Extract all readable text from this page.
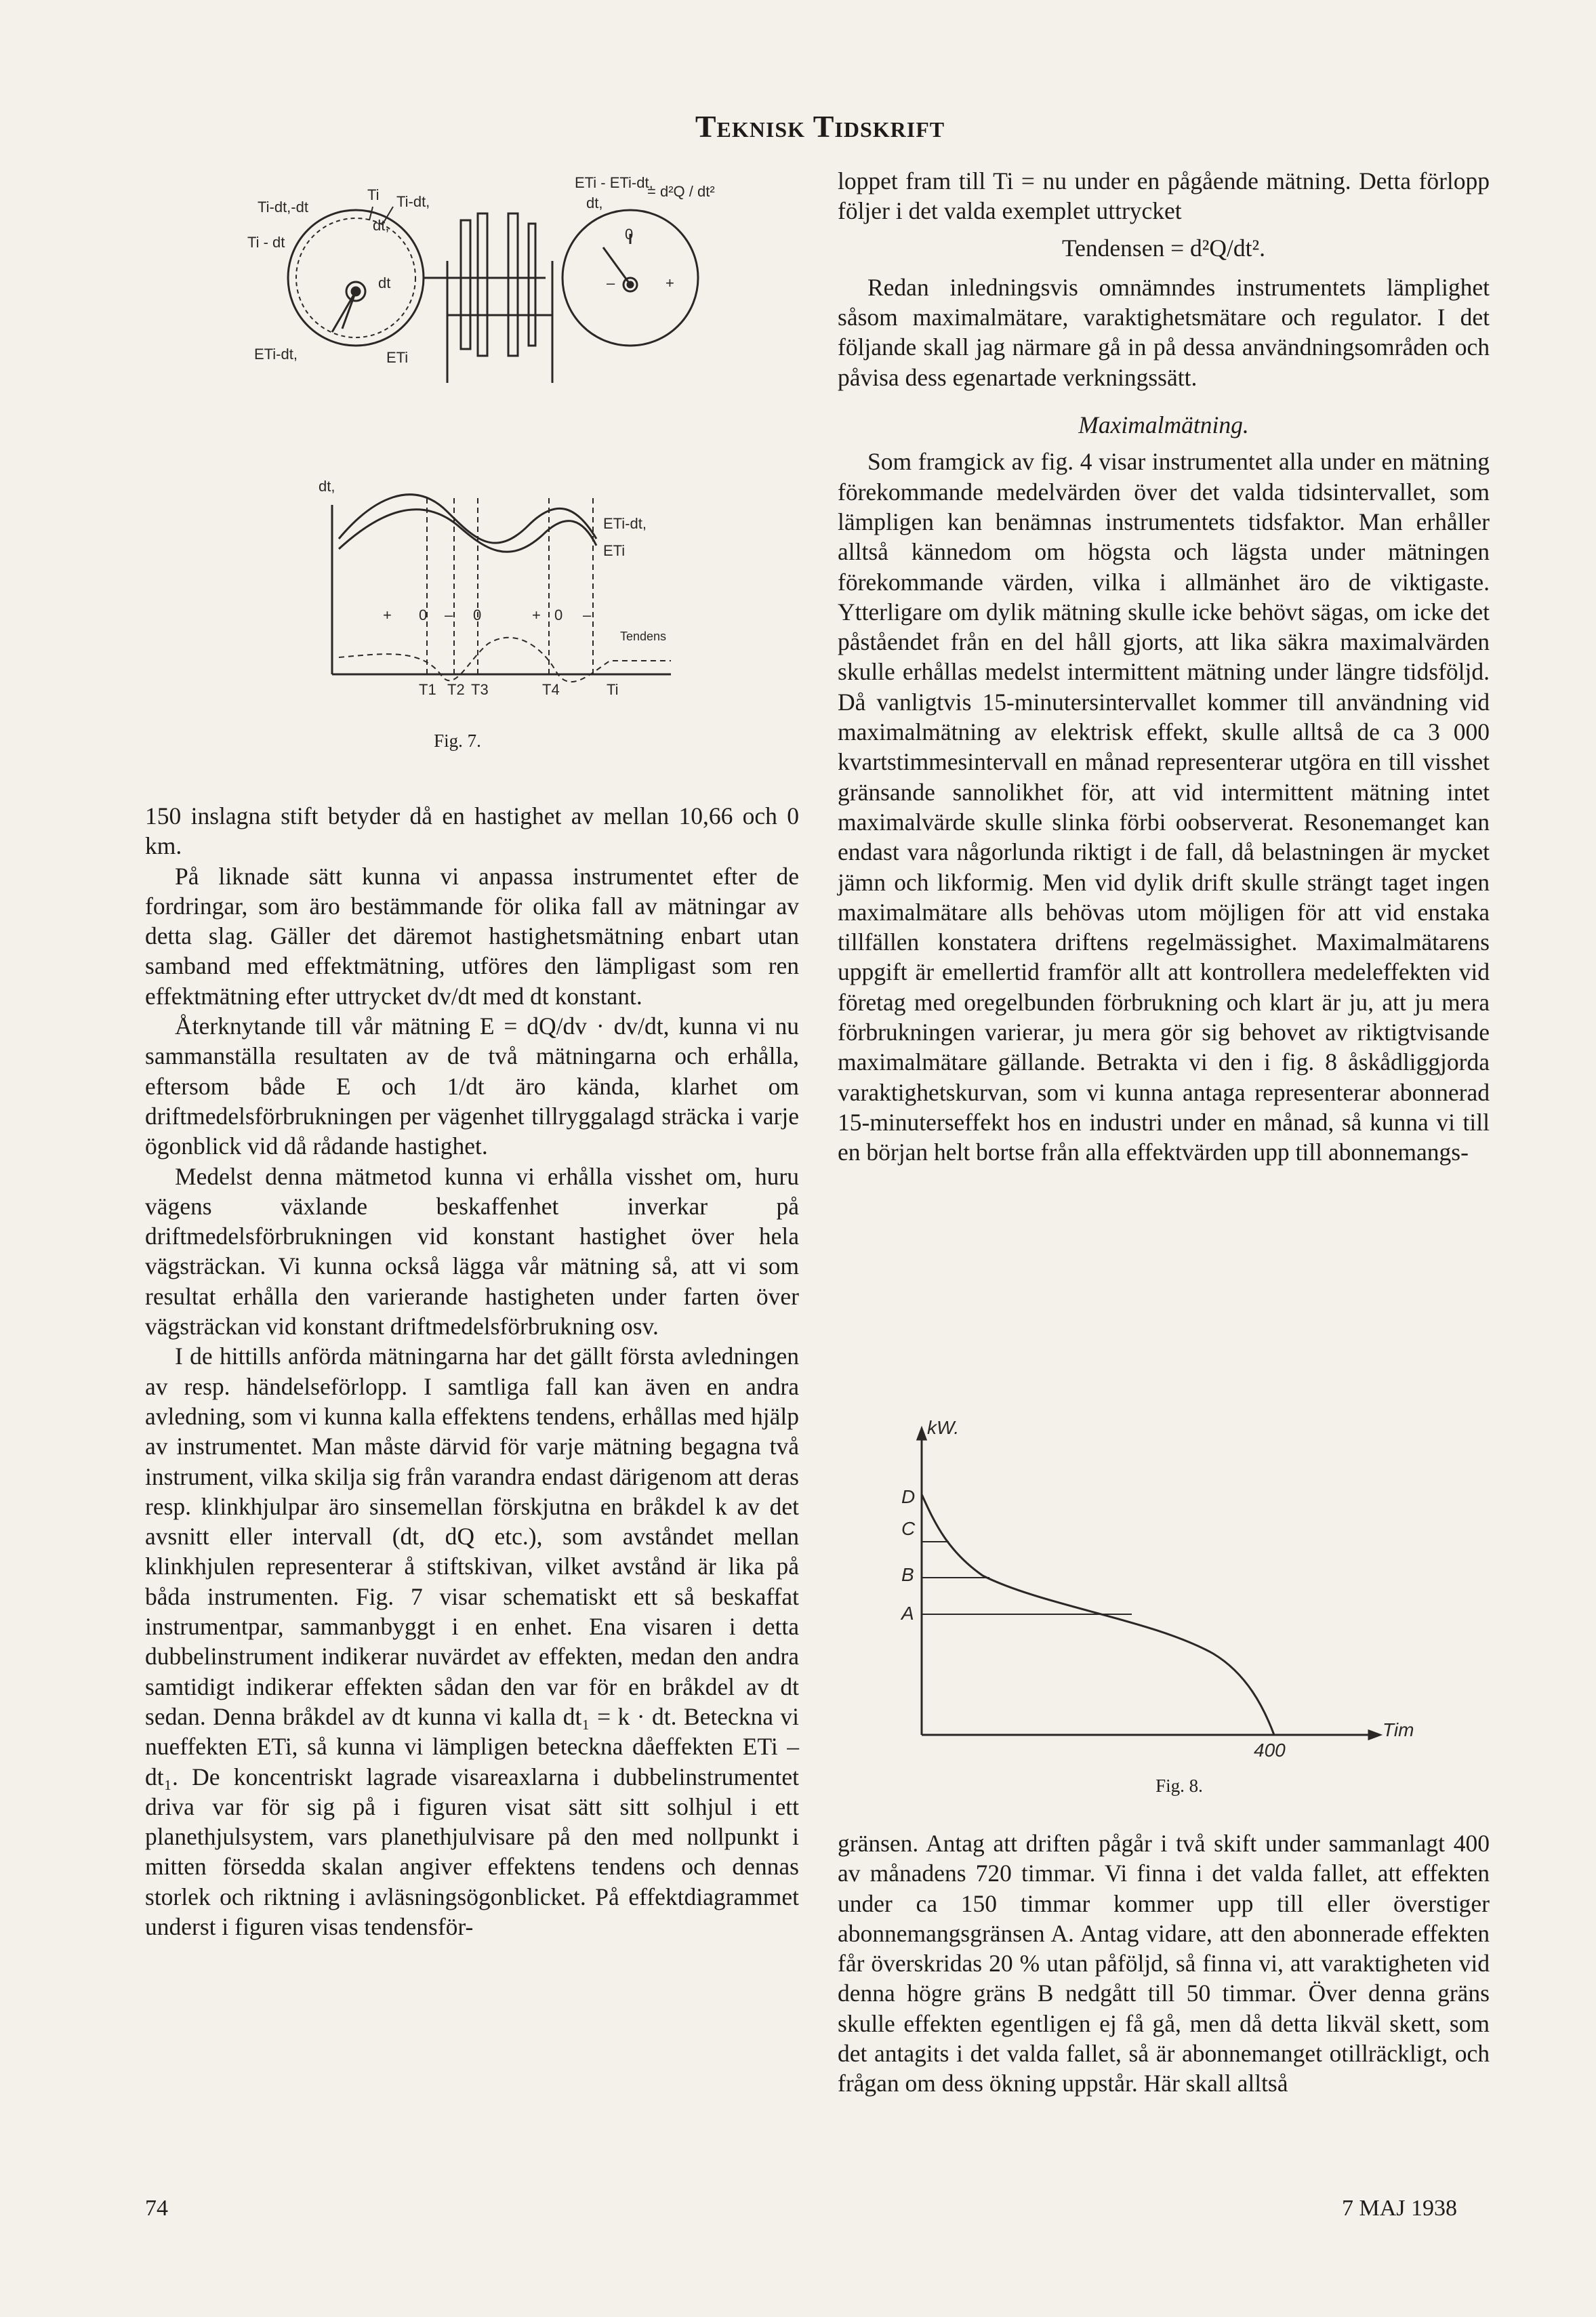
Teknisk Tidskrift
Ti-dt,-dt
Ti - dt
Ti Ti-dt,
dt,
dt
ETi-dt,	ETi
ETi - ETi-dt,
dt,
= d²Q / dt²
0
–	+
dt,
ETi-dt,
ETi
Tendens
+ 0 – 0	+ 0 –
T1 T2 T3	T4	Ti
Fig. 7.

150 inslagna stift betyder då en hastighet av mellan 10,66 och 0 km.

På liknade sätt kunna vi anpassa instrumentet efter de fordringar, som äro bestämmande för olika fall av mätningar av detta slag. Gäller det däremot hastighetsmätning enbart utan samband med effektmätning, utföres den lämpligast som ren effektmätning efter uttrycket dv/dt med dt konstant.

Återknytande till vår mätning E = dQ/dv · dv/dt, kunna vi nu sammanställa resultaten av de två mätningarna och erhålla, eftersom både E och 1/dt äro kända, klarhet om driftmedelsförbrukningen per vägenhet tillryggalagd sträcka i varje ögonblick vid då rådande hastighet.

Medelst denna mätmetod kunna vi erhålla visshet om, huru vägens växlande beskaffenhet inverkar på driftmedelsförbrukningen vid konstant hastighet över hela vägsträckan. Vi kunna också lägga vår mätning så, att vi som resultat erhålla den varierande hastigheten under farten över vägsträckan vid konstant driftmedelsförbrukning osv.

I de hittills anförda mätningarna har det gällt första avledningen av resp. händelseförlopp. I samtliga fall kan även en andra avledning, som vi kunna kalla effektens tendens, erhållas med hjälp av instrumentet. Man måste därvid för varje mätning begagna två instrument, vilka skilja sig från varandra endast därigenom att deras resp. klinkhjulpar äro sinsemellan förskjutna en bråkdel k av det avsnitt eller intervall (dt, dQ etc.), som avståndet mellan klinkhjulen representerar å stiftskivan, vilket avstånd är lika på båda instrumenten. Fig. 7 visar schematiskt ett så beskaffat instrumentpar, sammanbyggt i en enhet. Ena visaren i detta dubbelinstrument indikerar nuvärdet av effekten, medan den andra samtidigt indikerar effekten sådan den var för en bråkdel av dt sedan. Denna bråkdel av dt kunna vi kalla dt₁ = k · dt. Beteckna vi nueffekten ETi, så kunna vi lämpligen beteckna dåeffekten ETi – dt₁. De koncentriskt lagrade visareaxlarna i dubbelinstrumentet driva var för sig på i figuren visat sätt sitt solhjul i ett planethjulsystem, vars planethjulvisare på den med nollpunkt i mitten försedda skalan angiver effektens tendens och dennas storlek och riktning i avläsningsögonblicket. På effektdiagrammet underst i figuren visas tendensför-

loppet fram till Ti = nu under en pågående mätning. Detta förlopp följer i det valda exemplet uttrycket

Tendensen = d²Q/dt².

Redan inledningsvis omnämndes instrumentets lämplighet såsom maximalmätare, varaktighetsmätare och regulator. I det följande skall jag närmare gå in på dessa användningsområden och påvisa dess egenartade verkningssätt.

Maximalmätning.

Som framgick av fig. 4 visar instrumentet alla under en mätning förekommande medelvärden över det valda tidsintervallet, som lämpligen kan benämnas instrumentets tidsfaktor. Man erhåller alltså kännedom om högsta och lägsta under mätningen förekommande värden, vilka i allmänhet äro de viktigaste. Ytterligare om dylik mätning skulle icke behövt sägas, om icke det påståendet från en del håll gjorts, att lika säkra maximalvärden skulle erhållas medelst intermittent mätning under längre tidsföljd. Då vanligtvis 15-minutersintervallet kommer till användning vid maximalmätning av elektrisk effekt, skulle alltså de ca 3 000 kvartstimmesintervall en månad representerar utgöra en till visshet gränsande sannolikhet för, att vid intermittent mätning intet maximalvärde skulle slinka förbi oobserverat. Resonemanget kan endast vara någorlunda riktigt i de fall, då belastningen är mycket jämn och likformig. Men vid dylik drift skulle strängt taget ingen maximalmätare alls behövas utom möjligen för att vid enstaka tillfällen konstatera driftens regelmässighet. Maximalmätarens uppgift är emellertid framför allt att kontrollera medeleffekten vid företag med oregelbunden förbrukning och klart är ju, att ju mera förbrukningen varierar, ju mera gör sig behovet av riktigtvisande maximalmätare gällande. Betrakta vi den i fig. 8 åskådliggjorda varaktighetskurvan, som vi kunna antaga representerar abonnerad 15-minuterseffekt hos en industri under en månad, så kunna vi till en början helt bortse från alla effektvärden upp till abonnemangs-

kW.
D
C
B
A
400
Tim
Fig. 8.

gränsen. Antag att driften pågår i två skift under sammanlagt 400 av månadens 720 timmar. Vi finna i det valda fallet, att effekten under ca 150 timmar kommer upp till eller överstiger abonnemangsgränsen A. Antag vidare, att den abonnerade effekten får överskridas 20 % utan påföljd, så finna vi, att varaktigheten vid denna högre gräns B nedgått till 50 timmar. Över denna gräns skulle effekten egentligen ej få gå, men då detta likväl skett, som det antagits i det valda fallet, så är abonnemanget otillräckligt, och frågan om dess ökning uppstår. Här skall alltså

74	7 MAJ 1938
